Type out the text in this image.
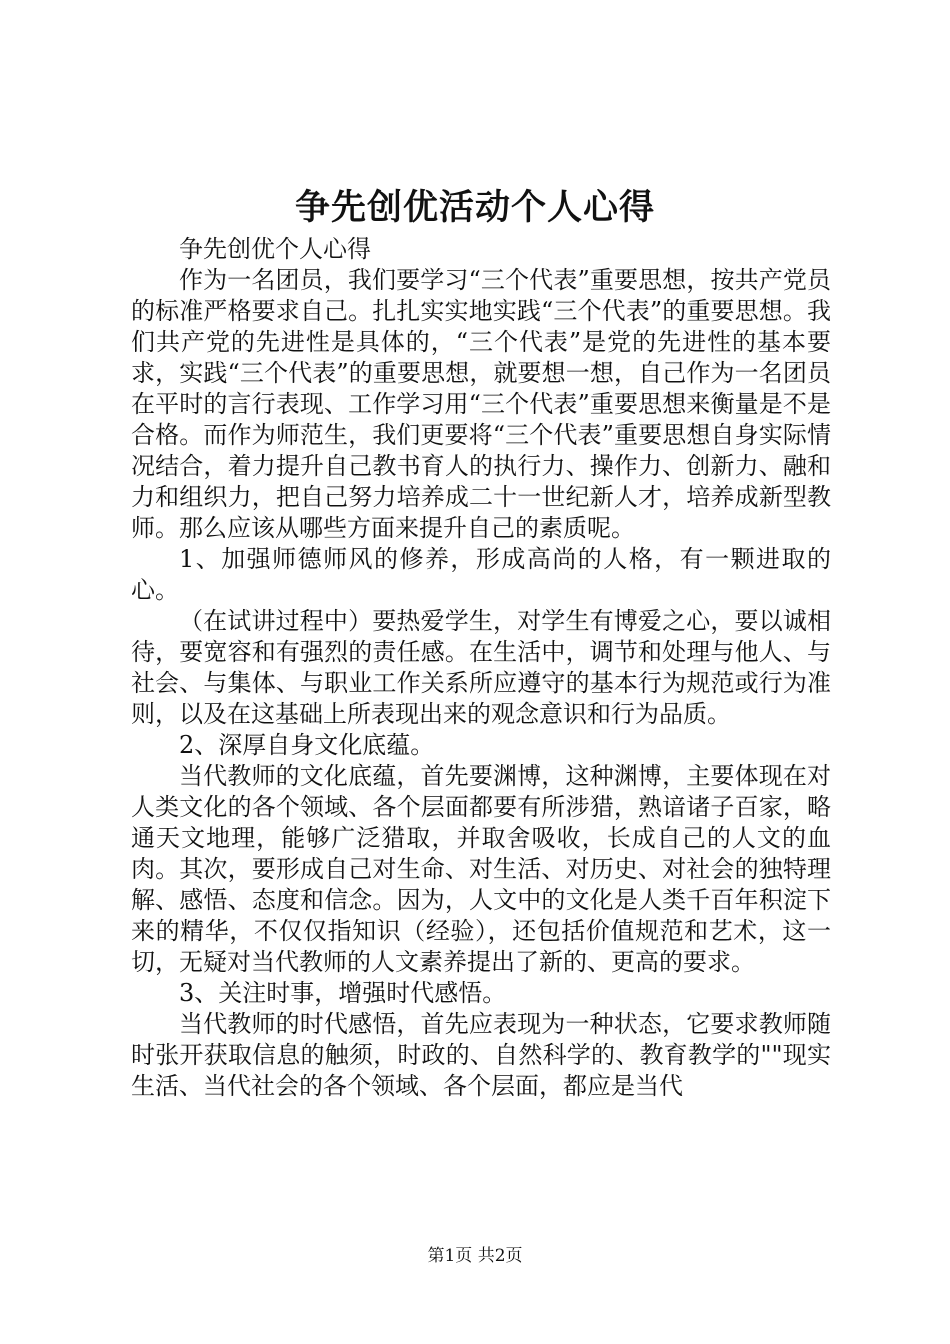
争先创优活动个人心得

争先创优个人心得

作为一名团员，我们要学习“三个代表”重要思想，按共产党员的标准严格要求自己。扎扎实实地实践“三个代表”的重要思想。我们共产党的先进性是具体的，“三个代表”是党的先进性的基本要求，实践“三个代表”的重要思想，就要想一想，自己作为一名团员在平时的言行表现、工作学习用“三个代表”重要思想来衡量是不是合格。而作为师范生，我们更要将“三个代表”重要思想自身实际情况结合，着力提升自己教书育人的执行力、操作力、创新力、融和力和组织力，把自己努力培养成二十一世纪新人才，培养成新型教师。那么应该从哪些方面来提升自己的素质呢。

1、加强师德师风的修养，形成高尚的人格，有一颗进取的心。

（在试讲过程中）要热爱学生，对学生有博爱之心，要以诚相待，要宽容和有强烈的责任感。在生活中，调节和处理与他人、与社会、与集体、与职业工作关系所应遵守的基本行为规范或行为准则，以及在这基础上所表现出来的观念意识和行为品质。

2、深厚自身文化底蕴。

当代教师的文化底蕴，首先要渊博，这种渊博，主要体现在对人类文化的各个领域、各个层面都要有所涉猎，熟谙诸子百家，略通天文地理，能够广泛猎取，并取舍吸收，长成自己的人文的血肉。其次，要形成自己对生命、对生活、对历史、对社会的独特理解、感悟、态度和信念。因为，人文中的文化是人类千百年积淀下来的精华，不仅仅指知识（经验），还包括价值规范和艺术，这一切，无疑对当代教师的人文素养提出了新的、更高的要求。

3、关注时事，增强时代感悟。

当代教师的时代感悟，首先应表现为一种状态，它要求教师随时张开获取信息的触须，时政的、自然科学的、教育教学的""现实生活、当代社会的各个领域、各个层面，都应是当代

第1页 共2页
